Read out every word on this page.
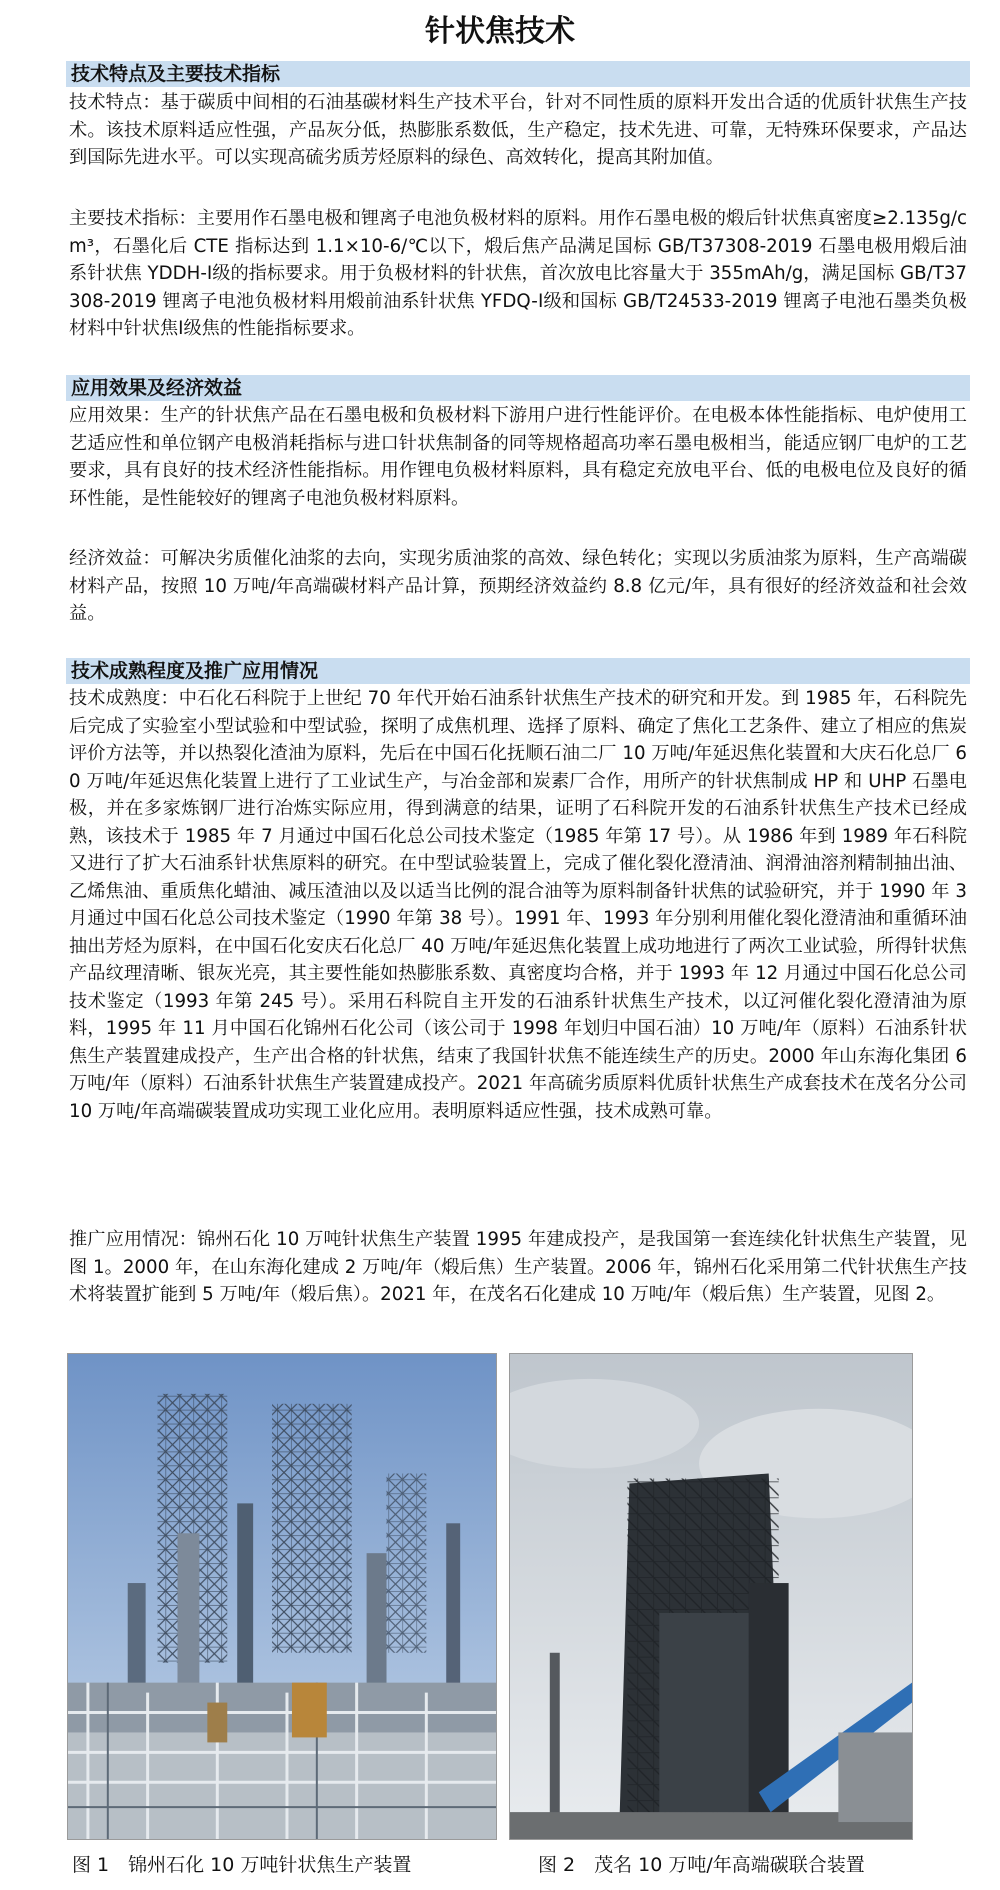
针状焦技术
技术特点及主要技术指标
技术特点：基于碳质中间相的石油基碳材料生产技术平台，针对不同性质的原料开发出合适的优质针状焦生产技术。该技术原料适应性强，产品灰分低，热膨胀系数低，生产稳定，技术先进、可靠，无特殊环保要求，产品达到国际先进水平。可以实现高硫劣质芳烃原料的绿色、高效转化，提高其附加值。
主要技术指标：主要用作石墨电极和锂离子电池负极材料的原料。用作石墨电极的煅后针状焦真密度≥2.135g/cm³，石墨化后 CTE 指标达到 1.1×10-6/℃以下，煅后焦产品满足国标 GB/T37308-2019 石墨电极用煅后油系针状焦 YDDH-Ⅰ级的指标要求。用于负极材料的针状焦，首次放电比容量大于 355mAh/g，满足国标 GB/T37308-2019 锂离子电池负极材料用煅前油系针状焦 YFDQ-Ⅰ级和国标 GB/T24533-2019 锂离子电池石墨类负极材料中针状焦Ⅰ级焦的性能指标要求。
应用效果及经济效益
应用效果：生产的针状焦产品在石墨电极和负极材料下游用户进行性能评价。在电极本体性能指标、电炉使用工艺适应性和单位钢产电极消耗指标与进口针状焦制备的同等规格超高功率石墨电极相当，能适应钢厂电炉的工艺要求，具有良好的技术经济性能指标。用作锂电负极材料原料，具有稳定充放电平台、低的电极电位及良好的循环性能，是性能较好的锂离子电池负极材料原料。
经济效益：可解决劣质催化油浆的去向，实现劣质油浆的高效、绿色转化；实现以劣质油浆为原料，生产高端碳材料产品，按照 10 万吨/年高端碳材料产品计算，预期经济效益约 8.8 亿元/年，具有很好的经济效益和社会效益。
技术成熟程度及推广应用情况
技术成熟度：中石化石科院于上世纪 70 年代开始石油系针状焦生产技术的研究和开发。到 1985 年，石科院先后完成了实验室小型试验和中型试验，探明了成焦机理、选择了原料、确定了焦化工艺条件、建立了相应的焦炭评价方法等，并以热裂化渣油为原料，先后在中国石化抚顺石油二厂 10 万吨/年延迟焦化装置和大庆石化总厂 60 万吨/年延迟焦化装置上进行了工业试生产，与冶金部和炭素厂合作，用所产的针状焦制成 HP 和 UHP 石墨电极，并在多家炼钢厂进行冶炼实际应用，得到满意的结果，证明了石科院开发的石油系针状焦生产技术已经成熟，该技术于 1985 年 7 月通过中国石化总公司技术鉴定（1985 年第 17 号）。从 1986 年到 1989 年石科院又进行了扩大石油系针状焦原料的研究。在中型试验装置上，完成了催化裂化澄清油、润滑油溶剂精制抽出油、乙烯焦油、重质焦化蜡油、减压渣油以及以适当比例的混合油等为原料制备针状焦的试验研究，并于 1990 年 3 月通过中国石化总公司技术鉴定（1990 年第 38 号）。1991 年、1993 年分别利用催化裂化澄清油和重循环油抽出芳烃为原料，在中国石化安庆石化总厂 40 万吨/年延迟焦化装置上成功地进行了两次工业试验，所得针状焦产品纹理清晰、银灰光亮，其主要性能如热膨胀系数、真密度均合格，并于 1993 年 12 月通过中国石化总公司技术鉴定（1993 年第 245 号）。采用石科院自主开发的石油系针状焦生产技术，以辽河催化裂化澄清油为原料，1995 年 11 月中国石化锦州石化公司（该公司于 1998 年划归中国石油）10 万吨/年（原料）石油系针状焦生产装置建成投产，生产出合格的针状焦，结束了我国针状焦不能连续生产的历史。2000 年山东海化集团 6 万吨/年（原料）石油系针状焦生产装置建成投产。2021 年高硫劣质原料优质针状焦生产成套技术在茂名分公司 10 万吨/年高端碳装置成功实现工业化应用。表明原料适应性强，技术成熟可靠。
推广应用情况：锦州石化 10 万吨针状焦生产装置 1995 年建成投产，是我国第一套连续化针状焦生产装置，见图 1。2000 年，在山东海化建成 2 万吨/年（煅后焦）生产装置。2006 年，锦州石化采用第二代针状焦生产技术将装置扩能到 5 万吨/年（煅后焦）。2021 年，在茂名石化建成 10 万吨/年（煅后焦）生产装置，见图 2。
图 1　锦州石化 10 万吨针状焦生产装置	图 2　茂名 10 万吨/年高端碳联合装置
